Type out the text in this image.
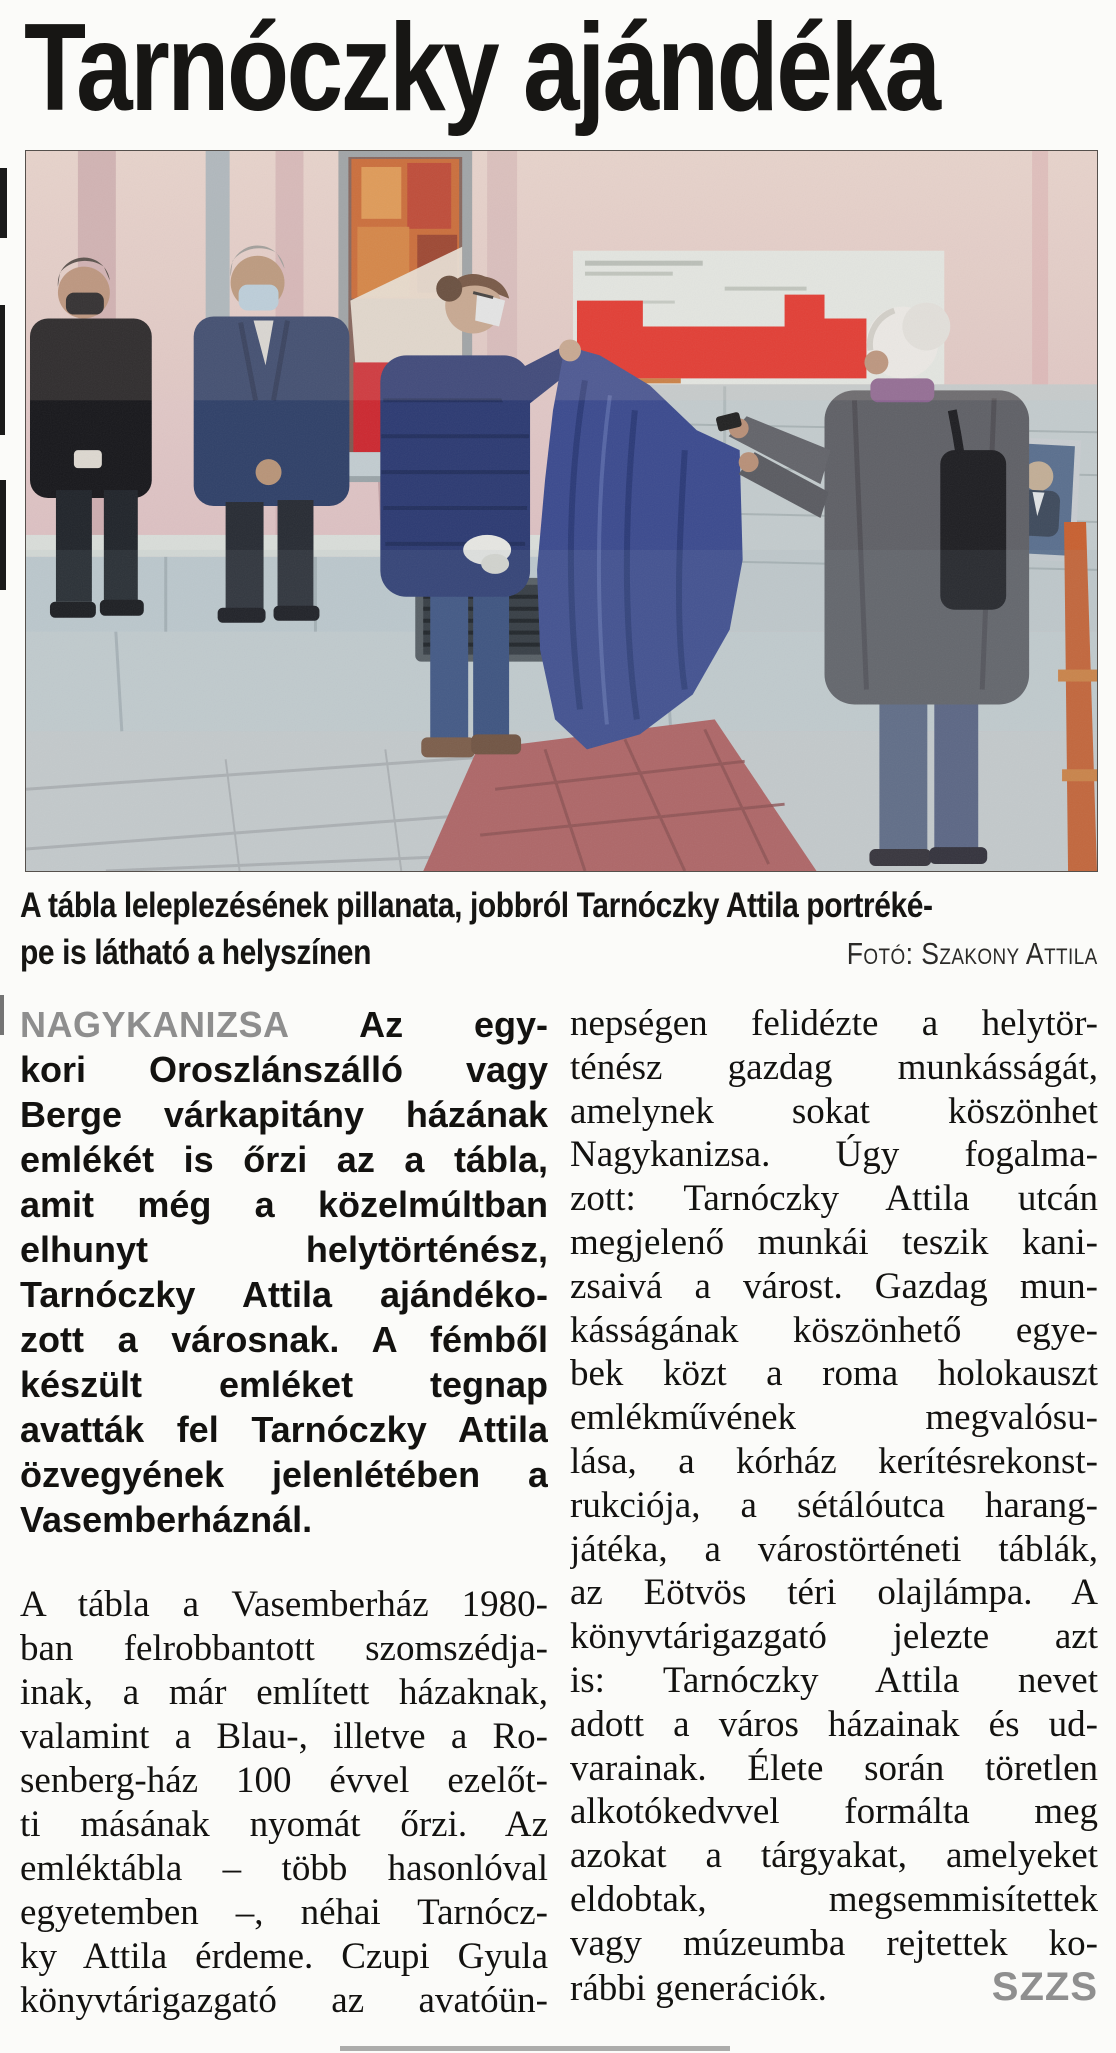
Tarnóczky ajándéka
A tábla leleplezésének pillanata, jobbról Tarnóczky Attila portréké-
pe is látható a helyszínen	Fotó: Szakony Attila
NAGYKANIZSA Az egy-
kori Oroszlánszálló vagy
Berge várkapitány házának
emlékét is őrzi az a tábla,
amit még a közelmúltban
elhunyt helytörténész,
Tarnóczky Attila ajándéko-
zott a városnak. A fémből
készült emléket tegnap
avatták fel Tarnóczky Attila
özvegyének jelenlétében a
Vasemberháznál.
A tábla a Vasemberház 1980-
ban felrobbantott szomszédja-
inak, a már említett házaknak,
valamint a Blau-, illetve a Ro-
senberg-ház 100 évvel ezelőt-
ti másának nyomát őrzi. Az
emléktábla – több hasonlóval
egyetemben –, néhai Tarnócz-
ky Attila érdeme. Czupi Gyula
könyvtárigazgató az avatóün-
nepségen felidézte a helytör-
ténész gazdag munkásságát,
amelynek sokat köszönhet
Nagykanizsa. Úgy fogalma-
zott: Tarnóczky Attila utcán
megjelenő munkái teszik kani-
zsaivá a várost. Gazdag mun-
kásságának köszönhető egye-
bek közt a roma holokauszt
emlékművének megvalósu-
lása, a kórház kerítésrekonst-
rukciója, a sétálóutca harang-
játéka, a várostörténeti táblák,
az Eötvös téri olajlámpa. A
könyvtárigazgató jelezte azt
is: Tarnóczky Attila nevet
adott a város házainak és ud-
varainak. Élete során töretlen
alkotókedvvel formálta meg
azokat a tárgyakat, amelyeket
eldobtak, megsemmisítettek
vagy múzeumba rejtettek ko-
rábbi generációk.	SZZS
